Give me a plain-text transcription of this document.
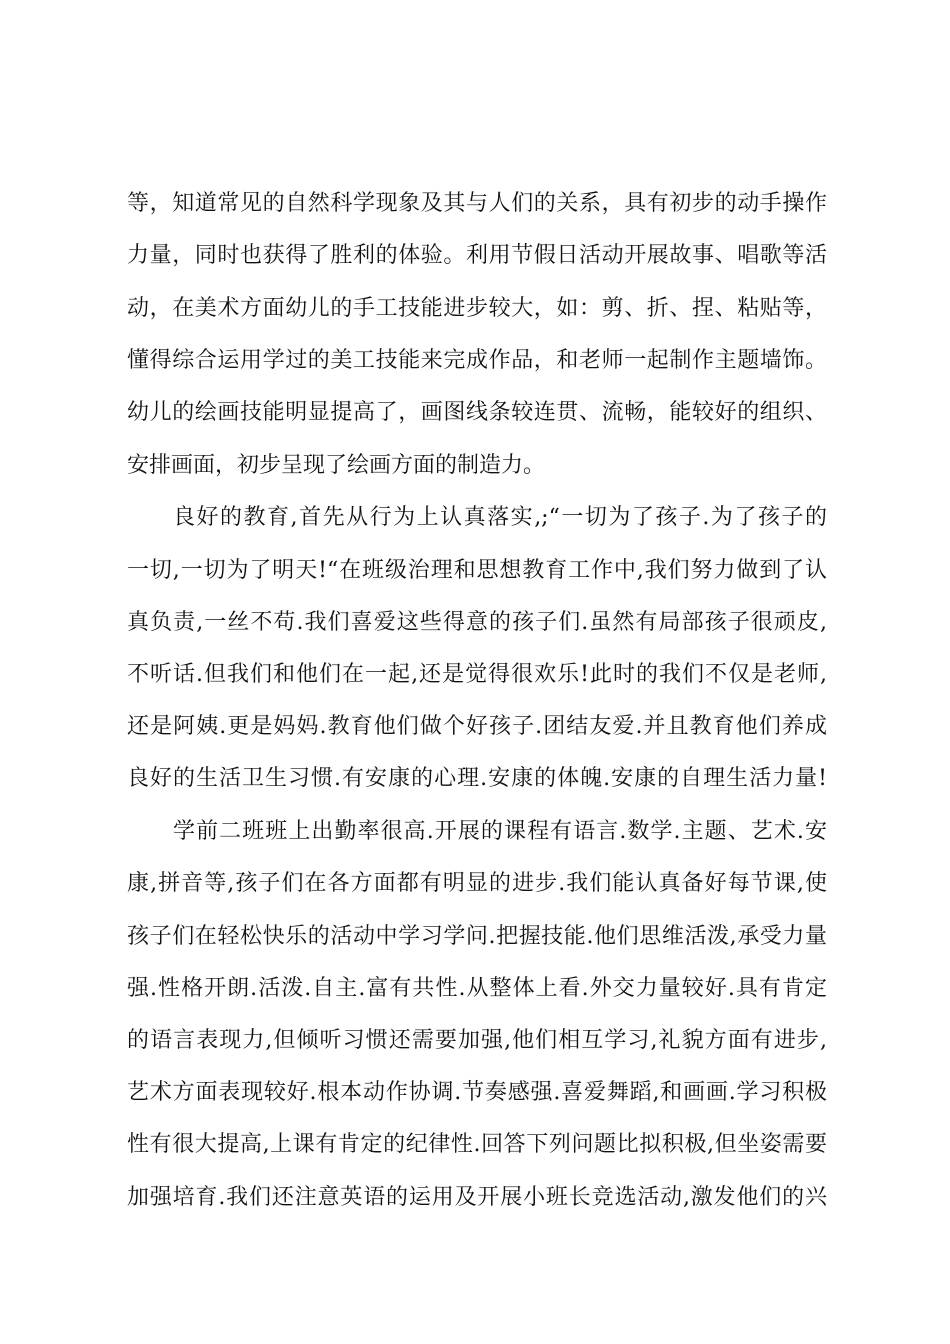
等，知道常见的自然科学现象及其与人们的关系，具有初步的动手操作
力量，同时也获得了胜利的体验。利用节假日活动开展故事、唱歌等活
动，在美术方面幼儿的手工技能进步较大，如：剪、折、捏、粘贴等，
懂得综合运用学过的美工技能来完成作品，和老师一起制作主题墙饰。
幼儿的绘画技能明显提高了，画图线条较连贯、流畅，能较好的组织、
安排画面，初步呈现了绘画方面的制造力。
良好的教育,首先从行为上认真落实,;“一切为了孩子.为了孩子的
一切,一切为了明天!“在班级治理和思想教育工作中,我们努力做到了认
真负责,一丝不苟.我们喜爱这些得意的孩子们.虽然有局部孩子很顽皮,
不听话.但我们和他们在一起,还是觉得很欢乐!此时的我们不仅是老师,
还是阿姨.更是妈妈.教育他们做个好孩子.团结友爱.并且教育他们养成
良好的生活卫生习惯.有安康的心理.安康的体魄.安康的自理生活力量!
学前二班班上出勤率很高.开展的课程有语言.数学.主题、艺术.安
康,拼音等,孩子们在各方面都有明显的进步.我们能认真备好每节课,使
孩子们在轻松快乐的活动中学习学问.把握技能.他们思维活泼,承受力量
强.性格开朗.活泼.自主.富有共性.从整体上看.外交力量较好.具有肯定
的语言表现力,但倾听习惯还需要加强,他们相互学习,礼貌方面有进步,
艺术方面表现较好.根本动作协调.节奏感强.喜爱舞蹈,和画画.学习积极
性有很大提高,上课有肯定的纪律性.回答下列问题比拟积极,但坐姿需要
加强培育.我们还注意英语的运用及开展小班长竞选活动,激发他们的兴
